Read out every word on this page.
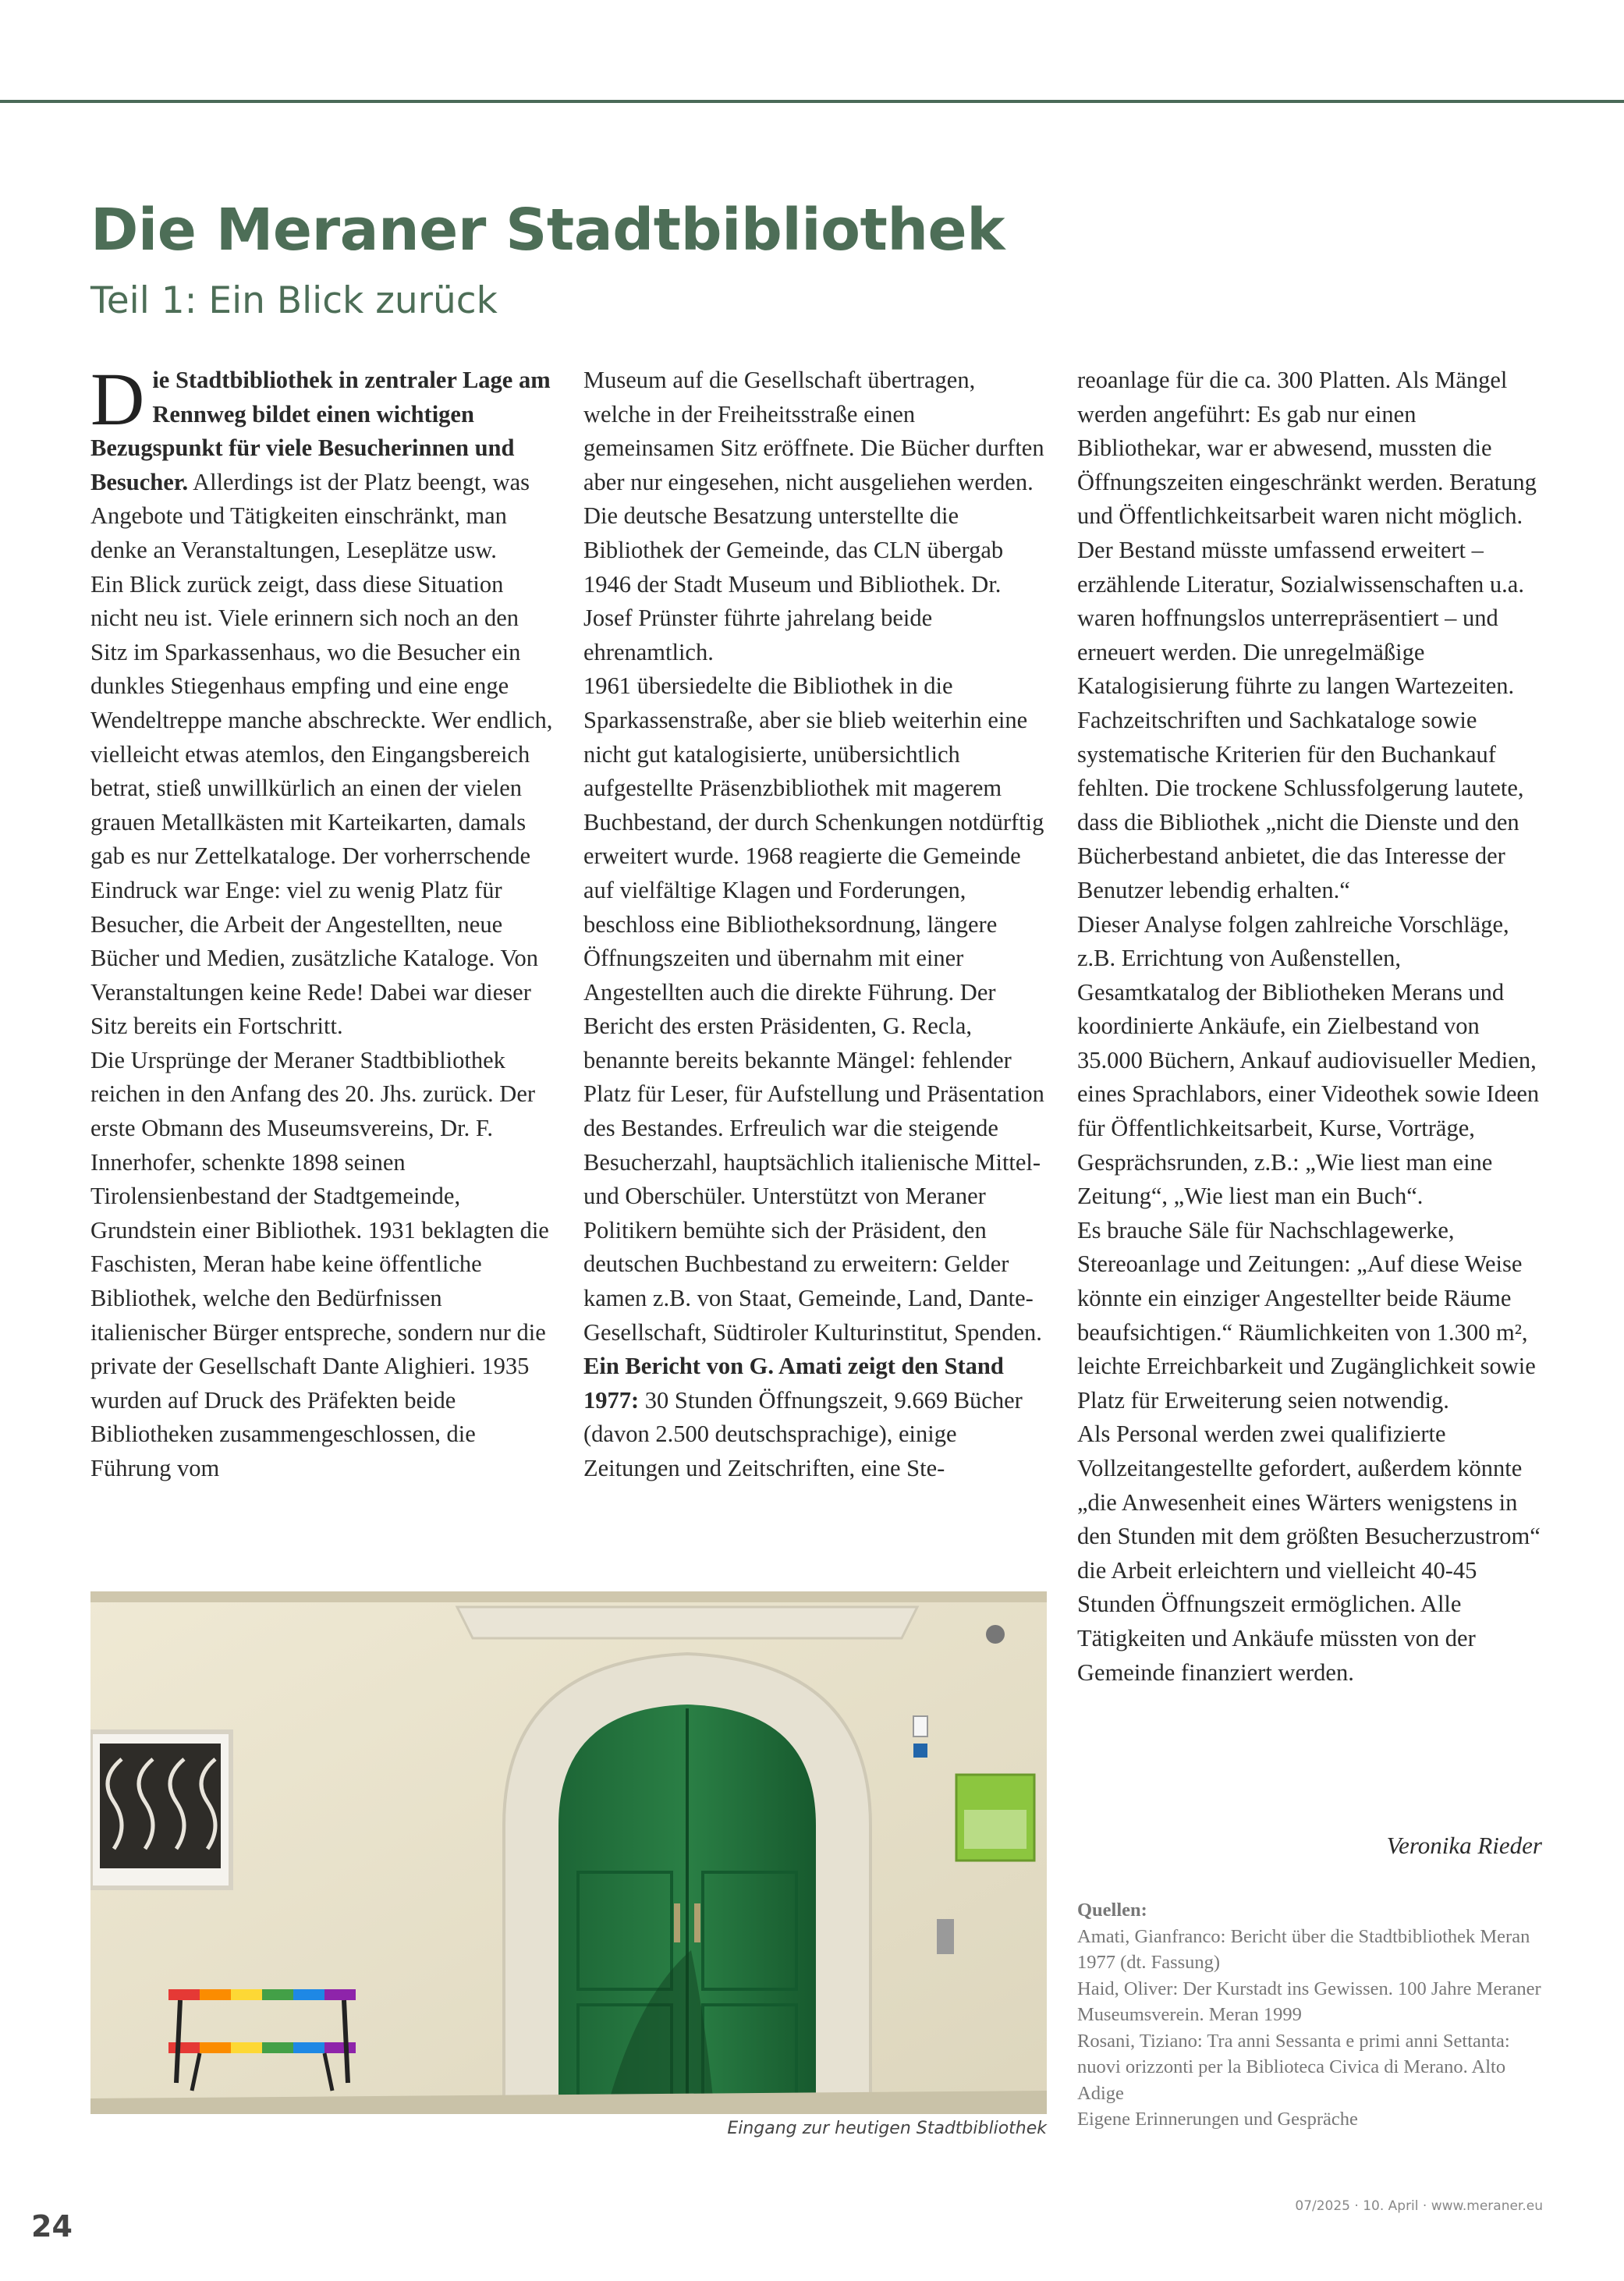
Die Meraner Stadtbibliothek
Teil 1: Ein Blick zurück

Die Stadtbibliothek in zentraler Lage am Rennweg bildet einen wichtigen Bezugspunkt für viele Besucherinnen und Besucher. Allerdings ist der Platz beengt, was Angebote und Tätigkeiten einschränkt, man denke an Veranstaltungen, Leseplätze usw.

Ein Blick zurück zeigt, dass diese Situation nicht neu ist. Viele erinnern sich noch an den Sitz im Sparkassenhaus, wo die Besucher ein dunkles Stiegenhaus empfing und eine enge Wendeltreppe manche abschreckte. Wer endlich, vielleicht etwas atemlos, den Eingangsbereich betrat, stieß unwillkürlich an einen der vielen grauen Metallkästen mit Karteikarten, damals gab es nur Zettelkataloge. Der vorherrschende Eindruck war Enge: viel zu wenig Platz für Besucher, die Arbeit der Angestellten, neue Bücher und Medien, zusätzliche Kataloge. Von Veranstaltungen keine Rede! Dabei war dieser Sitz bereits ein Fortschritt.

Die Ursprünge der Meraner Stadtbibliothek reichen in den Anfang des 20. Jhs. zurück. Der erste Obmann des Museumsvereins, Dr. F. Innerhofer, schenkte 1898 seinen Tirolensienbestand der Stadtgemeinde, Grundstein einer Bibliothek. 1931 beklagten die Faschisten, Meran habe keine öffentliche Bibliothek, welche den Bedürfnissen italienischer Bürger entspreche, sondern nur die private der Gesellschaft Dante Alighieri. 1935 wurden auf Druck des Präfekten beide Bibliotheken zusammengeschlossen, die Führung vom

Museum auf die Gesellschaft übertragen, welche in der Freiheitsstraße einen gemeinsamen Sitz eröffnete. Die Bücher durften aber nur eingesehen, nicht ausgeliehen werden. Die deutsche Besatzung unterstellte die Bibliothek der Gemeinde, das CLN übergab 1946 der Stadt Museum und Bibliothek. Dr. Josef Prünster führte jahrelang beide ehrenamtlich.

1961 übersiedelte die Bibliothek in die Sparkassenstraße, aber sie blieb weiterhin eine nicht gut katalogisierte, unübersichtlich aufgestellte Präsenzbibliothek mit magerem Buchbestand, der durch Schenkungen notdürftig erweitert wurde. 1968 reagierte die Gemeinde auf vielfältige Klagen und Forderungen, beschloss eine Bibliotheksordnung, längere Öffnungszeiten und übernahm mit einer Angestellten auch die direkte Führung. Der Bericht des ersten Präsidenten, G. Recla, benannte bereits bekannte Mängel: fehlender Platz für Leser, für Aufstellung und Präsentation des Bestandes. Erfreulich war die steigende Besucherzahl, hauptsächlich italienische Mittel- und Oberschüler. Unterstützt von Meraner Politikern bemühte sich der Präsident, den deutschen Buchbestand zu erweitern: Gelder kamen z.B. von Staat, Gemeinde, Land, Dante-Gesellschaft, Südtiroler Kulturinstitut, Spenden.

Ein Bericht von G. Amati zeigt den Stand 1977: 30 Stunden Öffnungszeit, 9.669 Bücher (davon 2.500 deutschsprachige), einige Zeitungen und Zeitschriften, eine Ste-

reoanlage für die ca. 300 Platten. Als Mängel werden angeführt: Es gab nur einen Bibliothekar, war er abwesend, mussten die Öffnungszeiten eingeschränkt werden. Beratung und Öffentlichkeitsarbeit waren nicht möglich. Der Bestand müsste umfassend erweitert – erzählende Literatur, Sozialwissenschaften u.a. waren hoffnungslos unterrepräsentiert – und erneuert werden. Die unregelmäßige Katalogisierung führte zu langen Wartezeiten. Fachzeitschriften und Sachkataloge sowie systematische Kriterien für den Buchankauf fehlten. Die trockene Schlussfolgerung lautete, dass die Bibliothek „nicht die Dienste und den Bücherbestand anbietet, die das Interesse der Benutzer lebendig erhalten.“

Dieser Analyse folgen zahlreiche Vorschläge, z.B. Errichtung von Außenstellen, Gesamtkatalog der Bibliotheken Merans und koordinierte Ankäufe, ein Zielbestand von 35.000 Büchern, Ankauf audiovisueller Medien, eines Sprachlabors, einer Videothek sowie Ideen für Öffentlichkeitsarbeit, Kurse, Vorträge, Gesprächsrunden, z.B.: „Wie liest man eine Zeitung“, „Wie liest man ein Buch“.

Es brauche Säle für Nachschlagewerke, Stereoanlage und Zeitungen: „Auf diese Weise könnte ein einziger Angestellter beide Räume beaufsichtigen.“ Räumlichkeiten von 1.300 m², leichte Erreichbarkeit und Zugänglichkeit sowie Platz für Erweiterung seien notwendig.

Als Personal werden zwei qualifizierte Vollzeitangestellte gefordert, außerdem könnte „die Anwesenheit eines Wärters wenigstens in den Stunden mit dem größten Besucherzustrom“ die Arbeit erleichtern und vielleicht 40-45 Stunden Öffnungszeit ermöglichen. Alle Tätigkeiten und Ankäufe müssten von der Gemeinde finanziert werden.

Veronika Rieder
Quellen:
Amati, Gianfranco: Bericht über die Stadtbibliothek Meran 1977 (dt. Fassung)
Haid, Oliver: Der Kurstadt ins Gewissen. 100 Jahre Meraner Museumsverein. Meran 1999
Rosani, Tiziano: Tra anni Sessanta e primi anni Settanta: nuovi orizzonti per la Biblioteca Civica di Merano. Alto Adige
Eigene Erinnerungen und Gespräche
Eingang zur heutigen Stadtbibliothek
24
07/2025 · 10. April · www.meraner.eu
